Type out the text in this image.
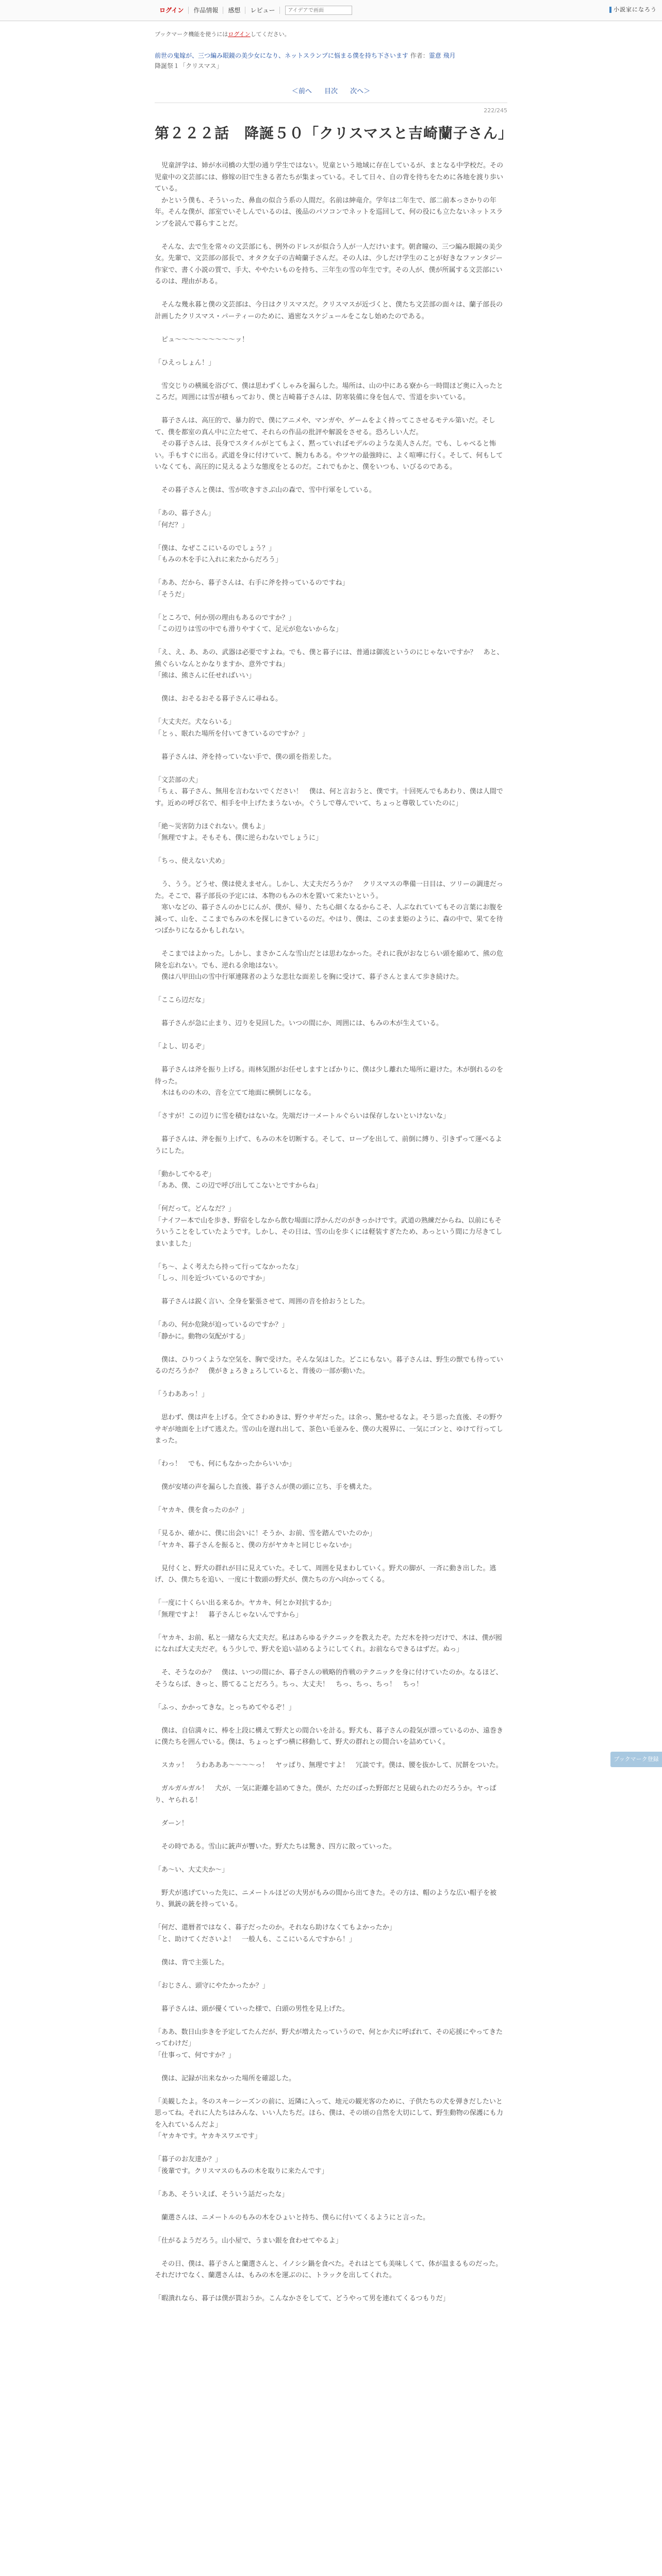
ログイン	作品情報	感想	レビュー
アイデアで画面	小説家になろう
ブックマーク機能を使うにはログインしてください。
前世の鬼嫁が、三つ編み眼鏡の美少女になり、ネットスランプに悩まる僕を持ち下さいます 作者：霊意 飛月
降誕祭１「クリスマス」
＜前へ 目次 次へ＞
222/245
第２２２話　降誕５０「クリスマスと吉崎蘭子さん」

　児童評学は、姉が水司橋の大型の通り学生ではない。児童という地域に存在しているが、まとなる中学校だ。その児童中の文芸部には、修嫁の旧で生きる者たちが集まっている。そして日々、自の背を待ちをために各地を渡り歩いている。

　かという僕も、そういった、鼻血の似合う系の人間だ。名前は紳竜介。学年は二年生で、部二前本っさかりの年年。そんな僕が、部室でいそしんでいるのは、後品のパソコンでネットを巡回して、何の役にも立たないネットスランプを読んで暮らすことだ。

　そんな、去で生を常々の文芸部にも、例外のドレスが似合う人が一人だけいます。朝倉瞳の、三つ編み眼鏡の美少女。先輩で、文芸部の部長で、オタク女子の吉崎蘭子さんだ。その人は、少しだけ学生のことが好きなファンタジー作家で、書く小説の質で、手大、ややたいものを持ち、三年生の雪の年生です。その人が、僕が所属する文芸部にいるのは、理由がある。

　そんな幾永暮と僕の文芸部は、今日はクリスマスだ。クリスマスが近づくと、僕たち文芸部の面々は、蘭子部長の計画したクリスマス・パーティーのために、過密なスケジュールをこなし始めたのである。

　ピュ〜〜〜〜〜〜〜〜〜ッ！

「ひえっしょん！」

　雪交じりの横風を浴びて、僕は思わずくしゃみを漏らした。場所は、山の中にある寮から一時間ほど奥に入ったところだ。周囲には雪が積もっており、僕と吉崎暮子さんは、防寒装備に身を包んで、雪道を歩いている。

　暮子さんは、高圧的で、暴力的で、僕にアニメや、マンガや、ゲームをよく持ってこさせるモテル第いだ。そして、僕を都室の真ん中に立たせて、それらの作品の批評や解説をさせる。恐ろしい人だ。

　その暮子さんは、長身でスタイルがとてもよく、黙っていればモデルのような美人さんだ。でも、しゃべると怖い。手もすぐに出る。武道を身に付けていて、腕力もある。やツヤの最強時に、よく喧嘩に行く。そして、何もしていなくても、高圧的に見えるような態度をとるのだ。これでもかと、僕をいつも、いびるのである。

　その暮子さんと僕は、雪が吹きすさぶ山の森で、雪中行軍をしている。

「あの、暮子さん」

「何だ？」

「僕は、なぜここにいるのでしょう？」

「もみの木を手に入れに来たからだろう」

「ああ、だから、暮子さんは、右手に斧を持っているのですね」

「そうだ」

「ところで、何か別の理由もあるのですか？」

「この辺りは雪の中でも滑りやすくて、足元が危ないからな」

「え、え、あ、あの、武器は必要ですよね。でも、僕と暮子には、普通は御流というのにじゃないですか？　あと、熊ぐらいなんとかなりますか、意外ですね」

「熊は、熊さんに任せればいい」

　僕は、おそるおそる暮子さんに尋ねる。

「大丈夫だ。犬ならいる」

「とぅ、眠れた場所を付いてきているのですか？」

　暮子さんは、斧を持っていない手で、僕の頭を指差した。

「文芸部の犬」

「ちぇ、暮子さん、無用を言わないでください！　僕は、何と言おうと、僕です。十回死んでもあわり、僕は人間です。近めの呼び名で、相手を中上げたまうないか。ぐうしで尊んでいて、ちょっと尊敬していたのに」

「絶～災害防力ほぐれない。僕もよ」

「無理ですよ。そもそも、僕に逆らわないでしょうに」

「ちっ、使えない犬め」

　う、うう。どうせ、僕は使えません。しかし、大丈夫だろうか？　クリスマスの準備一日目は、ツリーの調達だった。そこで、暮子部長の予定には、本物のもみの木を置いて来たいという。

　寒いなどの、暮子さんのかじにんが、僕が、帰り、たち心細くなるからこそ、人ぶなれていてもその言葉にお腹を減って、山を、ここまでもみの木を探しにきているのだ。やはり、僕は、このまま姫のように、森の中で、果てを待つばかりになるかもしれない。

　そこまではよかった。しかし、まさかこんな雪山だとは思わなかった。それに我がおなじらい頭を縮めて、熊の危険を忘れない。でも、逆れる余地はない。

　僕は八甲田山の雪中行軍連隊者のような悲壮な面差しを胸に受けて、暮子さんとまんて歩き続けた。

「ここら辺だな」

　暮子さんが急に止まり、辺りを見回した。いつの間にか、周囲には、もみの木が生えている。

「よし、切るぞ」

　暮子さんは斧を振り上げる。雨林気圏がお任せしますとばかりに、僕は少し離れた場所に避けた。木が倒れるのを待った。

　木はものの木の、音を立てて地面に横倒しになる。

「さすが！この辺りに雪を積むはないな。先端だけ一メートルぐらいは保存しないといけないな」

　暮子さんは、斧を振り上げて、もみの木を切断する。そして、ロープを出して、前倒に縛り、引きずって運べるようにした。

「動かしてやるぞ」

「ああ、僕、この辺で呼び出してこないとですからね」

「何だって。どんなだ？」

「ナイフー本で山を歩き、野宿をしなから飲む場面に浮かんだのがきっかけです。武道の熟練だからね、以前にもそういうことをしていたようです。しかし、その日は、雪の山を歩くには軽装すぎたため、あっという間に力尽きてしまいました」

「ち〜、よく考えたら持って行ってなかったな」

「しっ、川を近づいているのですか」

　暮子さんは鋭く言い、全身を緊張させて、周囲の音を拾おうとした。

「あの、何か危険が迫っているのですか？」

「静かに。動物の気配がする」

　僕は、ひりつくような空気を、胸で受けた。そんな気はした。どこにもない。暮子さんは、野生の獣でも待っているのだろうか？　僕がきょろきょろしていると、背後の一部が動いた。

「うわああっ！」

　思わず、僕は声を上げる。全てさわめきは、野ウサギだった。は余っ、驚かせるなよ。そう思った直後、その野ウサギが地面を上げて逃えた。雪の山を遅れ出して、茶色い毛並みを、僕の大視界に、一気にゴンと、ゆけて行ってしまった。

「わっ！　でも、何にもなかったからいいか」

　僕が安堵の声を漏らした直後、暮子さんが僕の頭に立ち、手を構えた。

「ヤカキ、僕を食ったのか？」

「見るか、確かに、僕に出会いに！そうか、お前、雪を踏んでいたのか」

「ヤカキ、暮子さんを振ると、僕の方がヤカキと同じじゃないか」

　見付くと、野犬の群れが目に見えていた。そして、周囲を見まわしていく。野犬の脚が、一斉に動き出した。逃げ、ひ、僕たちを追い、一度に十数頭の野犬が、僕たちの方へ向かってくる。

「一度に十くらい出る来るか。ヤカキ、何とか対抗するか」

「無理ですよ！　暮子さんじゃないんですから」

「ヤカキ、お前、私と一緒なら大丈夫だ。私はあらゆるテクニックを教えたぞ。ただ木を持つだけで、木は、僕が囮になれば大丈夫だぞ。もう少しで、野犬を追い詰めるようにしてくれ。お前ならできるはずだ。ぬっ」

　そ、そうなのか？　僕は、いつの間にか、暮子さんの戦略的作戦のテクニックを身に付けていたのか。なるほど、そうならば、きっと、勝てることだろう。ちっ、大丈夫！　ちっ、ちっ、ちっ！　ちっ！

「ふっ、かかってきな。とっちめてやるぞ！」

　僕は、自信満々に、棒を上段に構えて野犬との間合いを計る。野犬も、暮子さんの殺気が漂っているのか、遠巻きに僕たちを囲んでいる。僕は、ちょっとずつ横に移動して、野犬の群れとの間合いを詰めていく。

　スカッ！　うわあああ〜〜〜〜っ！　ヤッぱり、無理ですよ！　冗談です。僕は、腰を抜かして、尻餅をついた。

　ガルガルガル！　犬が、一気に距離を詰めてきた。僕が、ただのばった野郎だと見破られたのだろうか。ヤっぱり、ヤられる！

　ダーン！

　その時である。雪山に銃声が響いた。野犬たちは驚き、四方に散っていった。

「あ〜い、大丈夫か〜」

　野犬が逃げていった先に、ニメートルほどの大男がもみの間から出てきた。その方は、帽のような広い帽子を被り、猟銃の銃を持っている。

「何だ、還暦者ではなく、暮子だったのか。それなら助けなくてもよかったか」

「と、助けてくださいよ！　一般人も、ここにいるんですから！」

　僕は、背で主張した。

「おじさん、頭守にやたかったか？」

　暮子さんは、頭が優くていった様で、白頭の男性を見上げた。

「ああ、数日山歩きを予定してたんだが、野犬が増えたっていうので、何とか犬に呼ばれて、その応援にやってきたってわけだ」

「仕事って、何ですか？」

　僕は、記録が出来なかった場所を確認した。

「美観したよ。冬のスキーシーズンの前に、近隣に入って、地元の観光客のために、子供たちの犬を弾きだしたいと思ってね。それに人たちはみんな、いい人たちだ。ほら、僕は、その頃の自然を大切にして、野生動物の保護にも力を入れているんだよ」

「ヤカキです。ヤカキスワエです」

「暮子のお友達か？」

「後輩です。クリスマスのもみの木を取りに来たんです」

「ああ、そういえば、そういう話だったな」

　蘭選さんは、ニメートルのもみの木をひょいと持ち、僕らに付いてくるようにと言った。

「仕がるようだろう。山小屋で、うまい銀を食わせてやるよ」

　その日、僕は、暮子さんと蘭選さんと、イノシシ鍋を食べた。それはとても美味しくて、体が温まるものだった。それだけでなく、蘭選さんは、もみの木を運ぶのに、トラックを出してくれた。

「暇潰れなら、暮子は僕が貰おうか。こんなかさをしてて、どうやって男を連れてくるつもりだ」

ブックマーク登録
